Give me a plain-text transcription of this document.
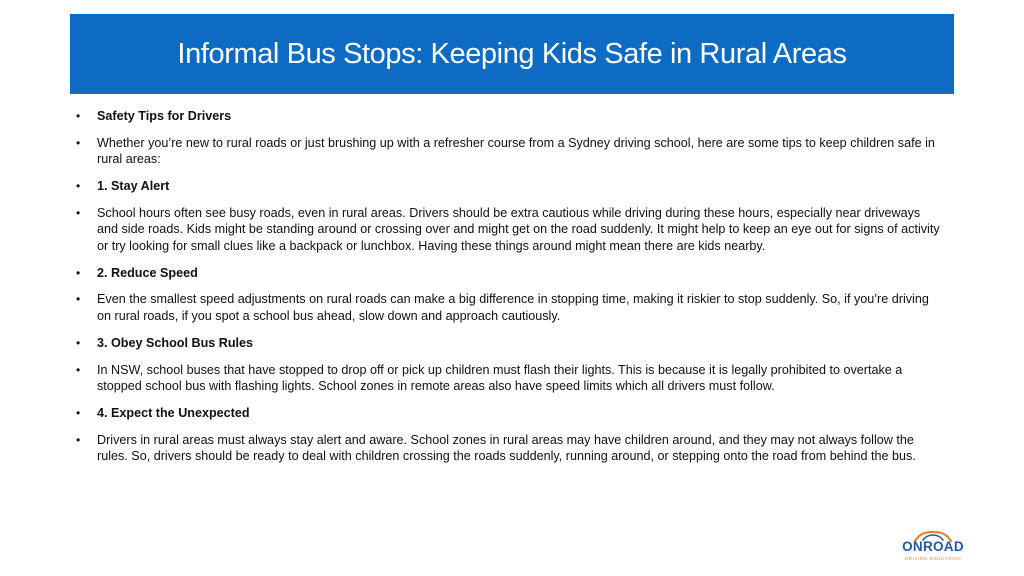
Informal Bus Stops: Keeping Kids Safe in Rural Areas
•	Safety Tips for Drivers
•	Whether you’re new to rural roads or just brushing up with a refresher course from a Sydney driving school, here are some tips to keep children safe in rural areas:
•	1. Stay Alert
•	School hours often see busy roads, even in rural areas. Drivers should be extra cautious while driving during these hours, especially near driveways and side roads. Kids might be standing around or crossing over and might get on the road suddenly. It might help to keep an eye out for signs of activity or try looking for small clues like a backpack or lunchbox. Having these things around might mean there are kids nearby.
•	2. Reduce Speed
•	Even the smallest speed adjustments on rural roads can make a big difference in stopping time, making it riskier to stop suddenly. So, if you’re driving on rural roads, if you spot a school bus ahead, slow down and approach cautiously.
•	3. Obey School Bus Rules
•	In NSW, school buses that have stopped to drop off or pick up children must flash their lights. This is because it is legally prohibited to overtake a stopped school bus with flashing lights. School zones in remote areas also have speed limits which all drivers must follow.
•	4. Expect the Unexpected
•	Drivers in rural areas must always stay alert and aware. School zones in rural areas may have children around, and they may not always follow the rules. So, drivers should be ready to deal with children crossing the roads suddenly, running around, or stepping onto the road from behind the bus.
ONROAD
DRIVING EDUCATION
